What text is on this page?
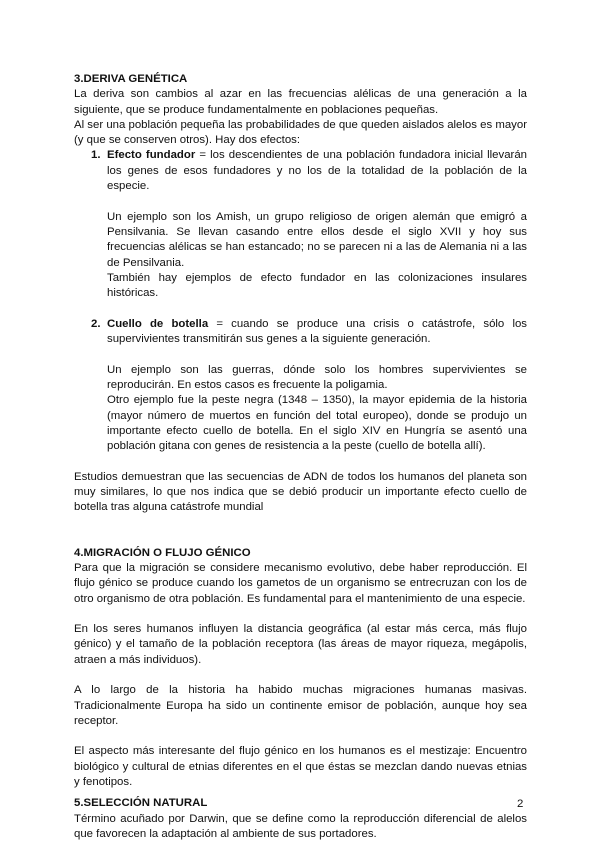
3.DERIVA GENÉTICA

La deriva son cambios al azar en las frecuencias alélicas de una generación a la siguiente, que se produce fundamentalmente en poblaciones pequeñas.

Al ser una población pequeña las probabilidades de que queden aislados alelos es mayor (y que se conserven otros). Hay dos efectos:

1. Efecto fundador = los descendientes de una población fundadora inicial llevarán los genes de esos fundadores y no los de la totalidad de la población de la especie.

Un ejemplo son los Amish, un grupo religioso de origen alemán que emigró a Pensilvania. Se llevan casando entre ellos desde el siglo XVII y hoy sus frecuencias alélicas se han estancado; no se parecen ni a las de Alemania ni a las de Pensilvania.

También hay ejemplos de efecto fundador en las colonizaciones insulares históricas.

2. Cuello de botella = cuando se produce una crisis o catástrofe, sólo los supervivientes transmitirán sus genes a la siguiente generación.

Un ejemplo son las guerras, dónde solo los hombres supervivientes se reproducirán. En estos casos es frecuente la poligamia.

Otro ejemplo fue la peste negra (1348 – 1350), la mayor epidemia de la historia (mayor número de muertos en función del total europeo), donde se produjo un importante efecto cuello de botella. En el siglo XIV en Hungría se asentó una población gitana con genes de resistencia a la peste (cuello de botella allí).

Estudios demuestran que las secuencias de ADN de todos los humanos del planeta son muy similares, lo que nos indica que se debió producir un importante efecto cuello de botella tras alguna catástrofe mundial

4.MIGRACIÓN O FLUJO GÉNICO

Para que la migración se considere mecanismo evolutivo, debe haber reproducción. El flujo génico se produce cuando los gametos de un organismo se entrecruzan con los de otro organismo de otra población. Es fundamental para el mantenimiento de una especie.

En los seres humanos influyen la distancia geográfica (al estar más cerca, más flujo génico) y el tamaño de la población receptora (las áreas de mayor riqueza, megápolis, atraen a más individuos).

A lo largo de la historia ha habido muchas migraciones humanas masivas. Tradicionalmente Europa ha sido un continente emisor de población, aunque hoy sea receptor.

El aspecto más interesante del flujo génico en los humanos es el mestizaje: Encuentro biológico y cultural de etnias diferentes en el que éstas se mezclan dando nuevas etnias y fenotipos.

5.SELECCIÓN NATURAL

Término acuñado por Darwin, que se define como la reproducción diferencial de alelos que favorecen la adaptación al ambiente de sus portadores.

2
